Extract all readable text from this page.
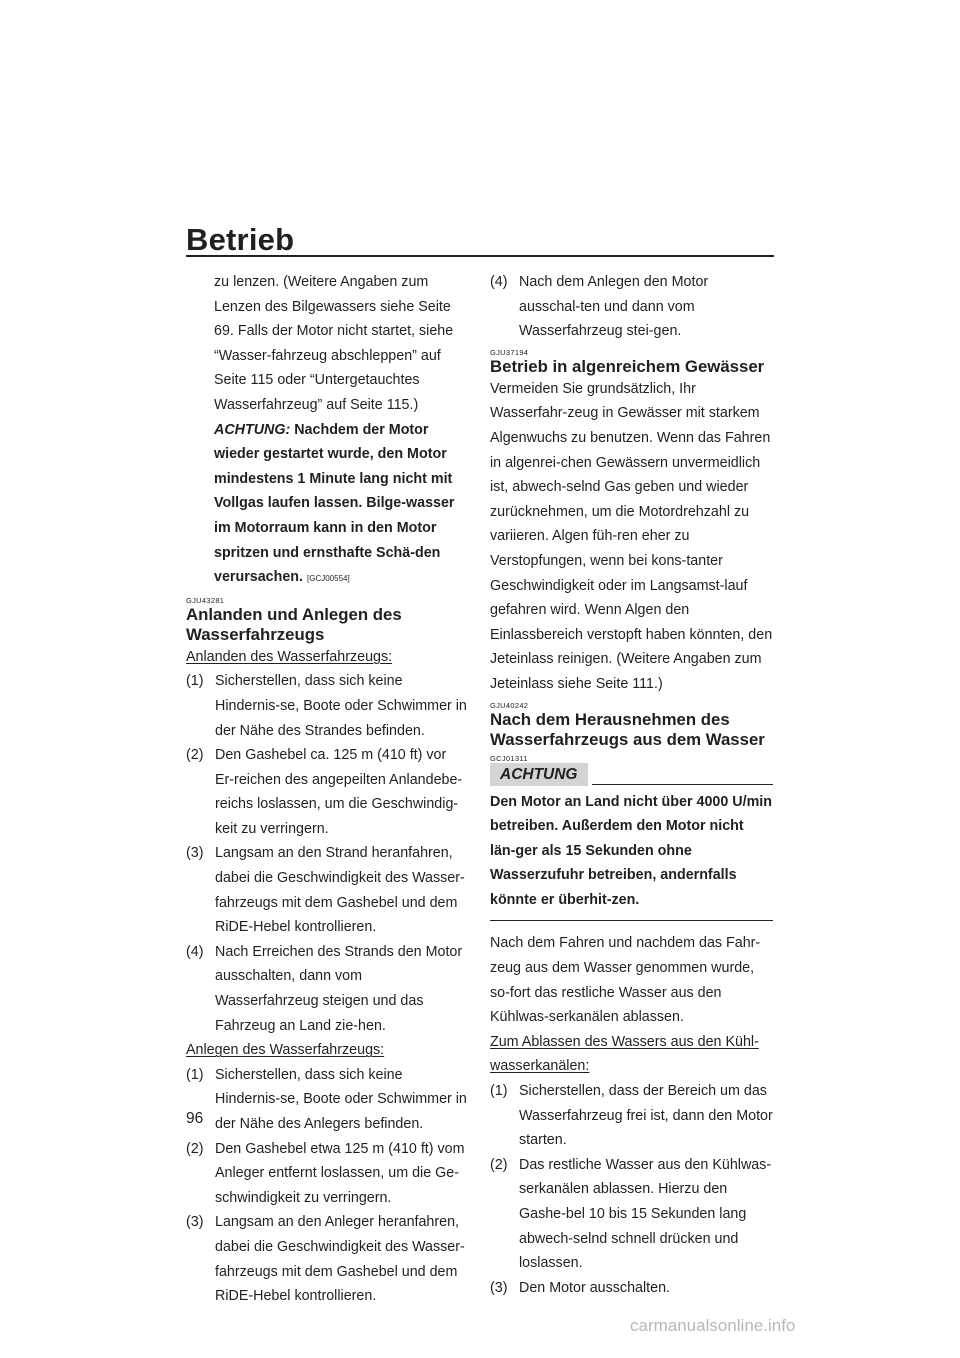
Betrieb

zu lenzen. (Weitere Angaben zum Lenzen des Bilgewassers siehe Seite 69. Falls der Motor nicht startet, siehe “Wasser-fahrzeug abschleppen” auf Seite 115 oder “Untergetauchtes Wasserfahrzeug” auf Seite 115.) ACHTUNG: Nachdem der Motor wieder gestartet wurde, den Motor mindestens 1 Minute lang nicht mit Vollgas laufen lassen. Bilge-wasser im Motorraum kann in den Motor spritzen und ernsthafte Schä-den verursachen. [GCJ00554]

GJU43281
Anlanden und Anlegen des Wasserfahrzeugs

Anlanden des Wasserfahrzeugs:

(1) Sicherstellen, dass sich keine Hindernis-se, Boote oder Schwimmer in der Nähe des Strandes befinden.
(2) Den Gashebel ca. 125 m (410 ft) vor Er-reichen des angepeilten Anlandebe-reichs loslassen, um die Geschwindig-keit zu verringern.
(3) Langsam an den Strand heranfahren, dabei die Geschwindigkeit des Wasser-fahrzeugs mit dem Gashebel und dem RiDE-Hebel kontrollieren.
(4) Nach Erreichen des Strands den Motor ausschalten, dann vom Wasserfahrzeug steigen und das Fahrzeug an Land zie-hen.

Anlegen des Wasserfahrzeugs:

(1) Sicherstellen, dass sich keine Hindernis-se, Boote oder Schwimmer in der Nähe des Anlegers befinden.
(2) Den Gashebel etwa 125 m (410 ft) vom Anleger entfernt loslassen, um die Ge-schwindigkeit zu verringern.
(3) Langsam an den Anleger heranfahren, dabei die Geschwindigkeit des Wasser-fahrzeugs mit dem Gashebel und dem RiDE-Hebel kontrollieren.
(4) Nach dem Anlegen den Motor ausschal-ten und dann vom Wasserfahrzeug stei-gen.
GJU37194
Betrieb in algenreichem Gewässer

Vermeiden Sie grundsätzlich, Ihr Wasserfahr-zeug in Gewässer mit starkem Algenwuchs zu benutzen. Wenn das Fahren in algenrei-chen Gewässern unvermeidlich ist, abwech-selnd Gas geben und wieder zurücknehmen, um die Motordrehzahl zu variieren. Algen füh-ren eher zu Verstopfungen, wenn bei kons-tanter Geschwindigkeit oder im Langsamst-lauf gefahren wird. Wenn Algen den Einlassbereich verstopft haben könnten, den Jeteinlass reinigen. (Weitere Angaben zum Jeteinlass siehe Seite 111.)

GJU40242
Nach dem Herausnehmen des Wasserfahrzeugs aus dem Wasser
GCJ01311
ACHTUNG

Den Motor an Land nicht über 4000 U/min betreiben. Außerdem den Motor nicht län-ger als 15 Sekunden ohne Wasserzufuhr betreiben, andernfalls könnte er überhit-zen.

Nach dem Fahren und nachdem das Fahr-zeug aus dem Wasser genommen wurde, so-fort das restliche Wasser aus den Kühlwas-serkanälen ablassen.

Zum Ablassen des Wassers aus den Kühl-wasserkanälen:

(1) Sicherstellen, dass der Bereich um das Wasserfahrzeug frei ist, dann den Motor starten.
(2) Das restliche Wasser aus den Kühlwas-serkanälen ablassen. Hierzu den Gashe-bel 10 bis 15 Sekunden lang abwech-selnd schnell drücken und loslassen.
(3) Den Motor ausschalten.
96
carmanualsonline.info
